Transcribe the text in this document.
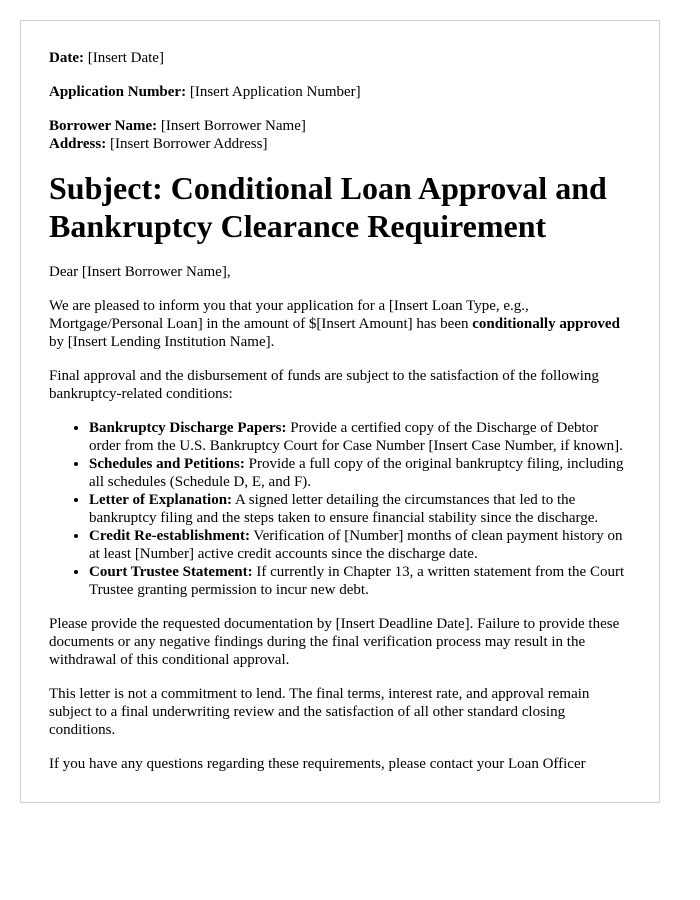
Date: [Insert Date]

Application Number: [Insert Application Number]

Borrower Name: [Insert Borrower Name]

Address: [Insert Borrower Address]

Subject: Conditional Loan Approval and Bankruptcy Clearance Requirement

Dear [Insert Borrower Name],

We are pleased to inform you that your application for a [Insert Loan Type, e.g., Mortgage/Personal Loan] in the amount of $[Insert Amount] has been conditionally approved by [Insert Lending Institution Name].

Final approval and the disbursement of funds are subject to the satisfaction of the following bankruptcy-related conditions:

• Bankruptcy Discharge Papers: Provide a certified copy of the Discharge of Debtor order from the U.S. Bankruptcy Court for Case Number [Insert Case Number, if known].
• Schedules and Petitions: Provide a full copy of the original bankruptcy filing, including all schedules (Schedule D, E, and F).
• Letter of Explanation: A signed letter detailing the circumstances that led to the bankruptcy filing and the steps taken to ensure financial stability since the discharge.
• Credit Re-establishment: Verification of [Number] months of clean payment history on at least [Number] active credit accounts since the discharge date.
• Court Trustee Statement: If currently in Chapter 13, a written statement from the Court Trustee granting permission to incur new debt.

Please provide the requested documentation by [Insert Deadline Date]. Failure to provide these documents or any negative findings during the final verification process may result in the withdrawal of this conditional approval.

This letter is not a commitment to lend. The final terms, interest rate, and approval remain subject to a final underwriting review and the satisfaction of all other standard closing conditions.

If you have any questions regarding these requirements, please contact your Loan Officer
